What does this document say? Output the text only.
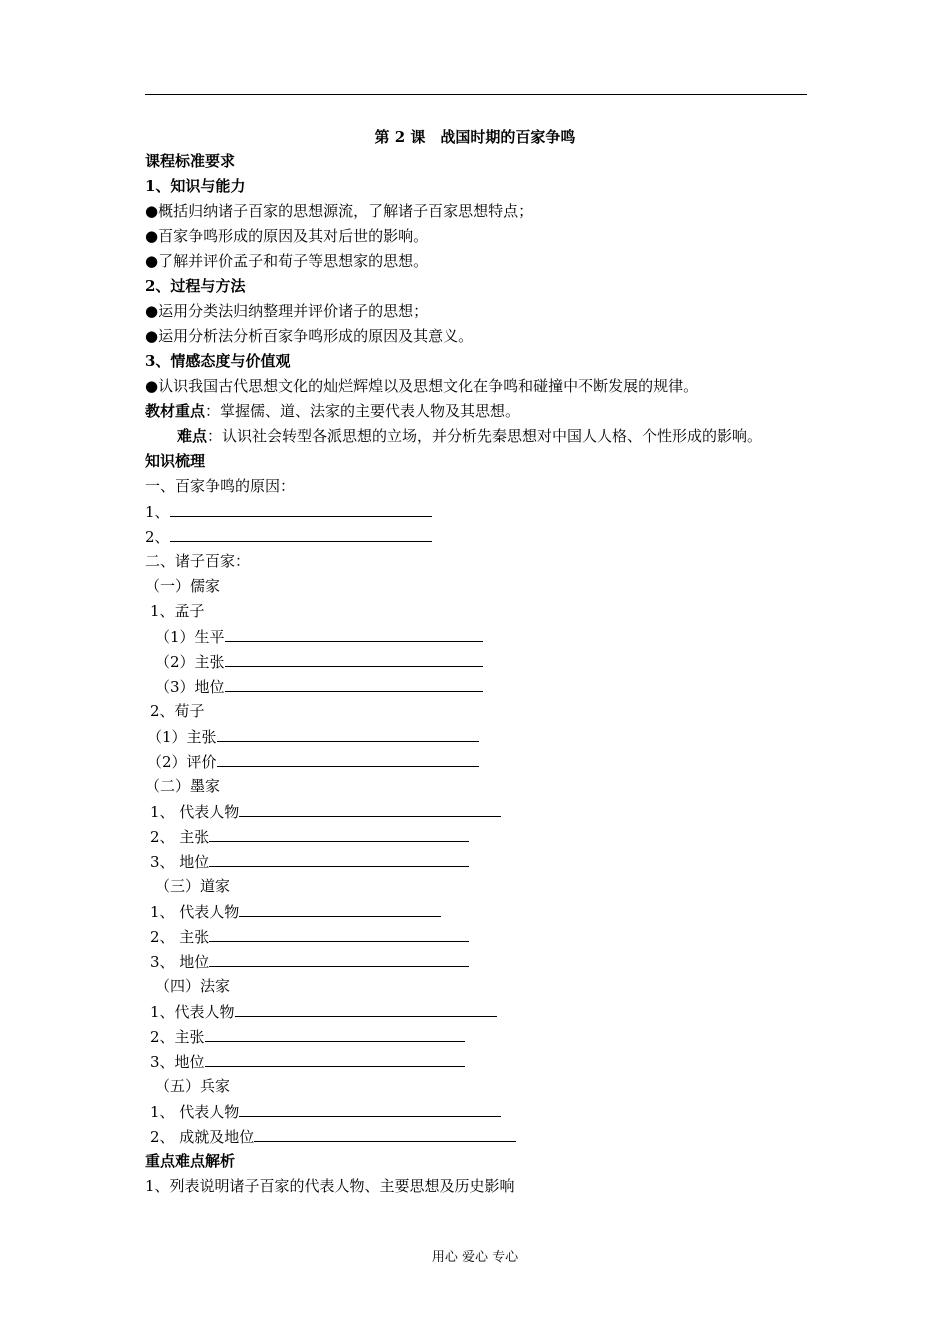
第 2 课　战国时期的百家争鸣
课程标准要求
1、知识与能力
●概括归纳诸子百家的思想源流，了解诸子百家思想特点；
●百家争鸣形成的原因及其对后世的影响。
●了解并评价孟子和荀子等思想家的思想。
2、过程与方法
●运用分类法归纳整理并评价诸子的思想；
●运用分析法分析百家争鸣形成的原因及其意义。
3、情感态度与价值观
●认识我国古代思想文化的灿烂辉煌以及思想文化在争鸣和碰撞中不断发展的规律。
教材重点：掌握儒、道、法家的主要代表人物及其思想。
难点：认识社会转型各派思想的立场，并分析先秦思想对中国人人格、个性形成的影响。
知识梳理
一、百家争鸣的原因：
1、
2、
二、诸子百家：
（一）儒家
1、孟子
（1）生平
（2）主张
（3）地位
2、荀子
（1）主张
（2）评价
（二）墨家
1、 代表人物
2、 主张
3、 地位
（三）道家
1、 代表人物
2、 主张
3、 地位
（四）法家
1、代表人物
2、主张
3、地位
（五）兵家
1、 代表人物
2、 成就及地位
重点难点解析
1、列表说明诸子百家的代表人物、主要思想及历史影响
用心 爱心 专心
